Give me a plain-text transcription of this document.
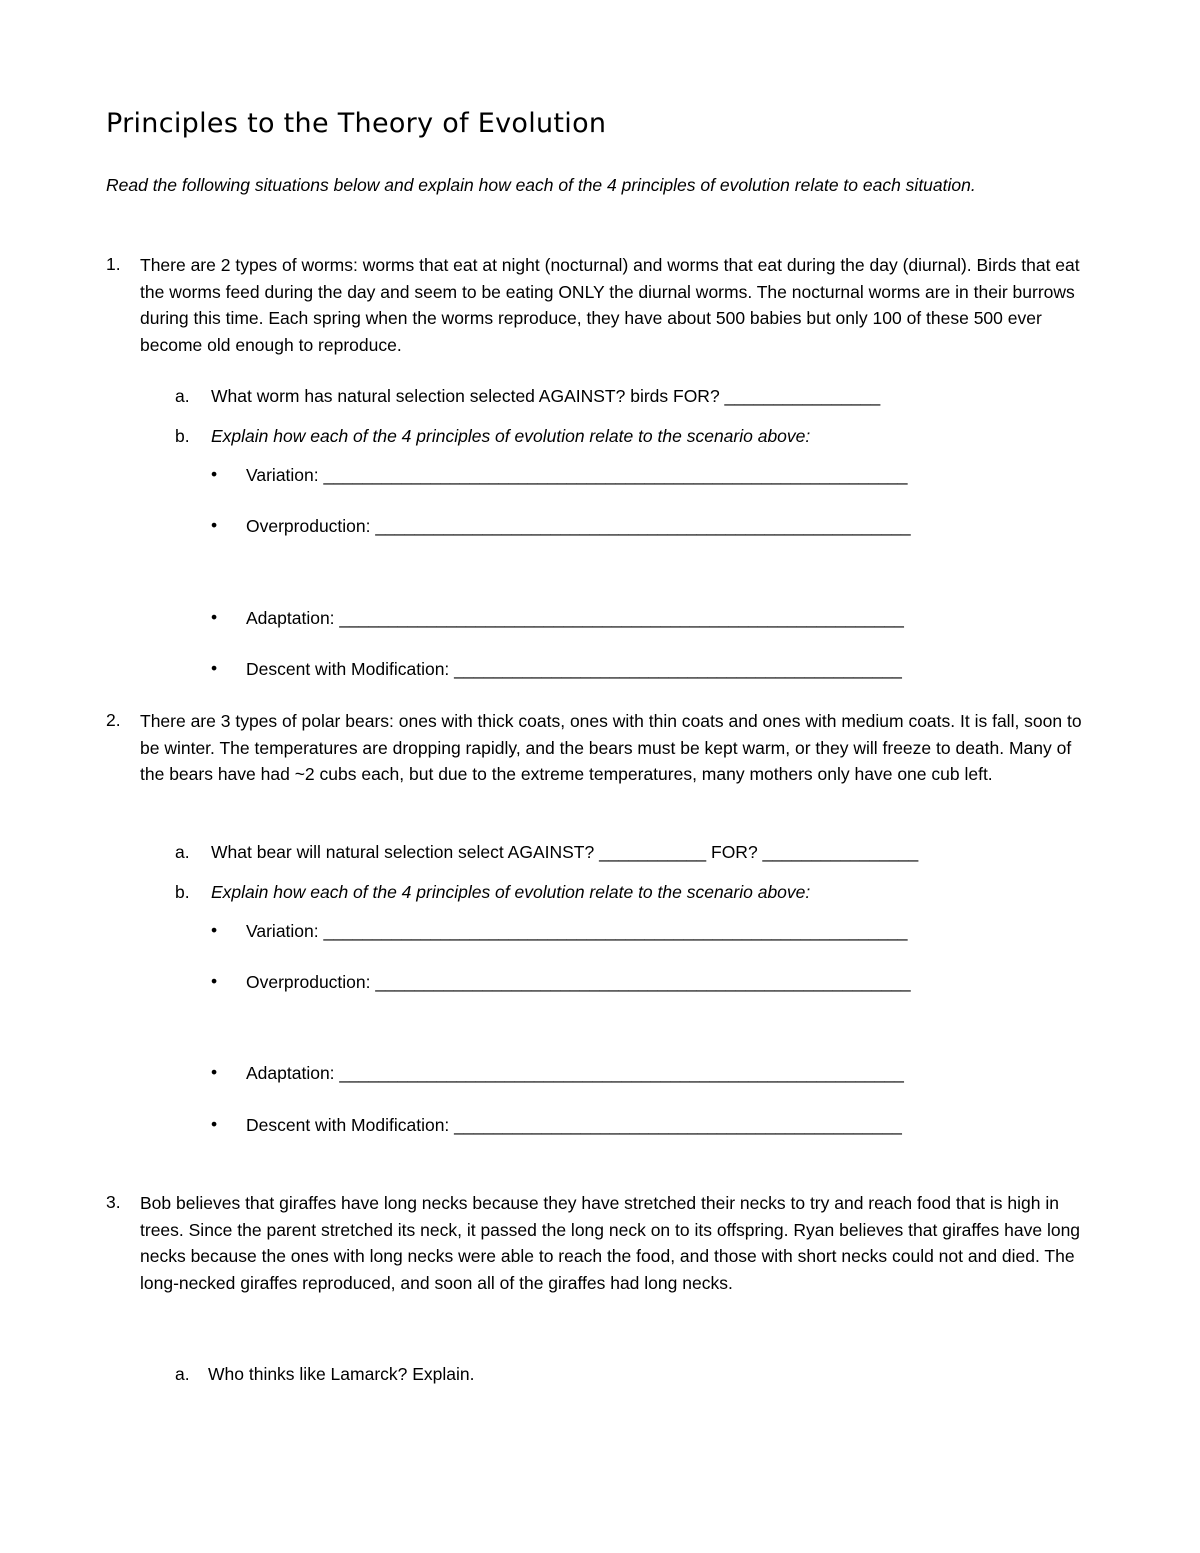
Principles to the Theory of Evolution
Read the following situations below and explain how each of the 4 principles of evolution relate to each situation.
1. There are 2 types of worms: worms that eat at night (nocturnal) and worms that eat during the day (diurnal). Birds that eat the worms feed during the day and seem to be eating ONLY the diurnal worms. The nocturnal worms are in their burrows during this time. Each spring when the worms reproduce, they have about 500 babies but only 100 of these 500 ever become old enough to reproduce.
a. What worm has natural selection selected AGAINST? birds FOR? ________________
b. Explain how each of the 4 principles of evolution relate to the scenario above:
• Variation: ____________________________________________________________
• Overproduction: _______________________________________________________
• Adaptation: __________________________________________________________
• Descent with Modification: ______________________________________________
2. There are 3 types of polar bears: ones with thick coats, ones with thin coats and ones with medium coats. It is fall, soon to be winter. The temperatures are dropping rapidly, and the bears must be kept warm, or they will freeze to death. Many of the bears have had ~2 cubs each, but due to the extreme temperatures, many mothers only have one cub left.
a. What bear will natural selection select AGAINST? ___________ FOR? ________________
b. Explain how each of the 4 principles of evolution relate to the scenario above:
• Variation: ____________________________________________________________
• Overproduction: _______________________________________________________
• Adaptation: __________________________________________________________
• Descent with Modification: ______________________________________________
3. Bob believes that giraffes have long necks because they have stretched their necks to try and reach food that is high in trees. Since the parent stretched its neck, it passed the long neck on to its offspring. Ryan believes that giraffes have long necks because the ones with long necks were able to reach the food, and those with short necks could not and died. The long-necked giraffes reproduced, and soon all of the giraffes had long necks.
a. Who thinks like Lamarck? Explain.
